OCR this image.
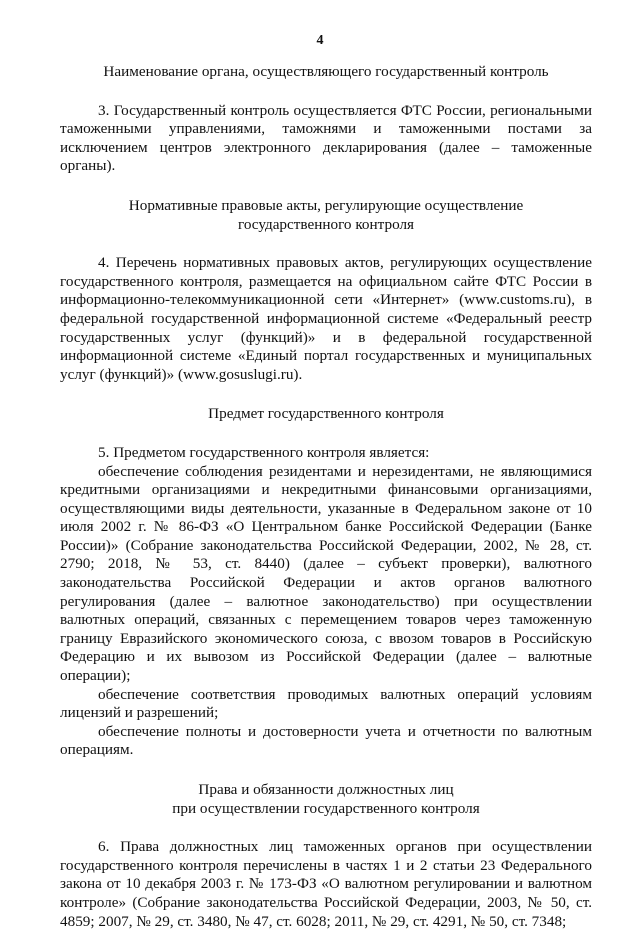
4

Наименование органа, осуществляющего государственный контроль

3. Государственный контроль осуществляется ФТС России, региональными таможенными управлениями, таможнями и таможенными постами за исключением центров электронного декларирования (далее – таможенные органы).

Нормативные правовые акты, регулирующие осуществление
государственного контроля

4. Перечень нормативных правовых актов, регулирующих осуществление государственного контроля, размещается на официальном сайте ФТС России в информационно-телекоммуникационной сети «Интернет» (www.customs.ru), в федеральной государственной информационной системе «Федеральный реестр государственных услуг (функций)» и в федеральной государственной информационной системе «Единый портал государственных и муниципальных услуг (функций)» (www.gosuslugi.ru).

Предмет государственного контроля

5. Предметом государственного контроля является:

обеспечение соблюдения резидентами и нерезидентами, не являющимися кредитными организациями и некредитными финансовыми организациями, осуществляющими виды деятельности, указанные в Федеральном законе от 10 июля 2002 г. № 86-ФЗ «О Центральном банке Российской Федерации (Банке России)» (Собрание законодательства Российской Федерации, 2002, № 28, ст. 2790; 2018, № 53, ст. 8440) (далее – субъект проверки), валютного законодательства Российской Федерации и актов органов валютного регулирования (далее – валютное законодательство) при осуществлении валютных операций, связанных с перемещением товаров через таможенную границу Евразийского экономического союза, с ввозом товаров в Российскую Федерацию и их вывозом из Российской Федерации (далее – валютные операции);

обеспечение соответствия проводимых валютных операций условиям лицензий и разрешений;

обеспечение полноты и достоверности учета и отчетности по валютным операциям.

Права и обязанности должностных лиц
при осуществлении государственного контроля

6. Права должностных лиц таможенных органов при осуществлении государственного контроля перечислены в частях 1 и 2 статьи 23 Федерального закона от 10 декабря 2003 г. № 173-ФЗ «О валютном регулировании и валютном контроле» (Собрание законодательства Российской Федерации, 2003, № 50, ст. 4859; 2007, № 29, ст. 3480, № 47, ст. 6028; 2011, № 29, ст. 4291, № 50, ст. 7348;
